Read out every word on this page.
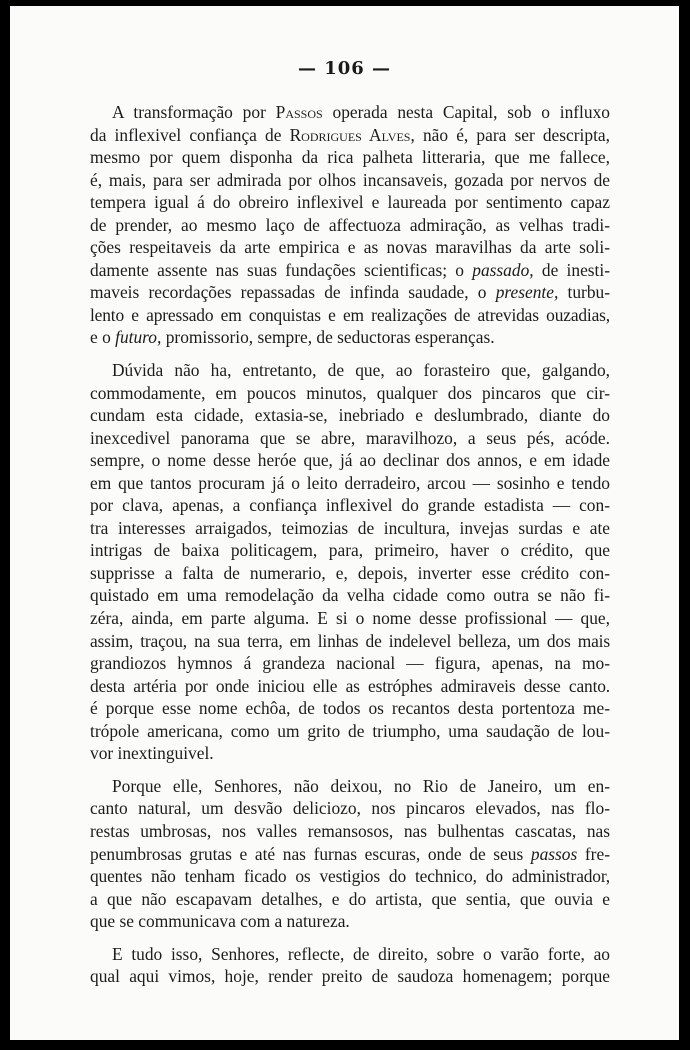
— 106 —

A transformação por Passos operada nesta Capital, sob o influxo
da inflexivel confiança de Rodrigues Alves, não é, para ser descripta,
mesmo por quem disponha da rica palheta litteraria, que me fallece,
é, mais, para ser admirada por olhos incansaveis, gozada por nervos de
tempera igual á do obreiro inflexivel e laureada por sentimento capaz
de prender, ao mesmo laço de affectuoza admiração, as velhas tradi-
ções respeitaveis da arte empirica e as novas maravilhas da arte soli-
damente assente nas suas fundações scientificas; o passado, de inesti-
maveis recordações repassadas de infinda saudade, o presente, turbu-
lento e apressado em conquistas e em realizações de atrevidas ouzadias,
e o futuro, promissorio, sempre, de seductoras esperanças.

Dúvida não ha, entretanto, de que, ao forasteiro que, galgando,
commodamente, em poucos minutos, qualquer dos pincaros que cir-
cundam esta cidade, extasia-se, inebriado e deslumbrado, diante do
inexcedivel panorama que se abre, maravilhozo, a seus pés, acóde.
sempre, o nome desse heróe que, já ao declinar dos annos, e em idade
em que tantos procuram já o leito derradeiro, arcou — sosinho e tendo
por clava, apenas, a confiança inflexivel do grande estadista — con-
tra interesses arraigados, teimozias de incultura, invejas surdas e ate
intrigas de baixa politicagem, para, primeiro, haver o crédito, que
supprisse a falta de numerario, e, depois, inverter esse crédito con-
quistado em uma remodelação da velha cidade como outra se não fi-
zéra, ainda, em parte alguma. E si o nome desse profissional — que,
assim, traçou, na sua terra, em linhas de indelevel belleza, um dos mais
grandiozos hymnos á grandeza nacional — figura, apenas, na mo-
desta artéria por onde iniciou elle as estróphes admiraveis desse canto.
é porque esse nome echôa, de todos os recantos desta portentoza me-
trópole americana, como um grito de triumpho, uma saudação de lou-
vor inextinguivel.

Porque elle, Senhores, não deixou, no Rio de Janeiro, um en-
canto natural, um desvão deliciozo, nos pincaros elevados, nas flo-
restas umbrosas, nos valles remansosos, nas bulhentas cascatas, nas
penumbrosas grutas e até nas furnas escuras, onde de seus passos fre-
quentes não tenham ficado os vestigios do technico, do administrador,
a que não escapavam detalhes, e do artista, que sentia, que ouvia e
que se communicava com a natureza.

E tudo isso, Senhores, reflecte, de direito, sobre o varão forte, ao
qual aqui vimos, hoje, render preito de saudoza homenagem; porque
